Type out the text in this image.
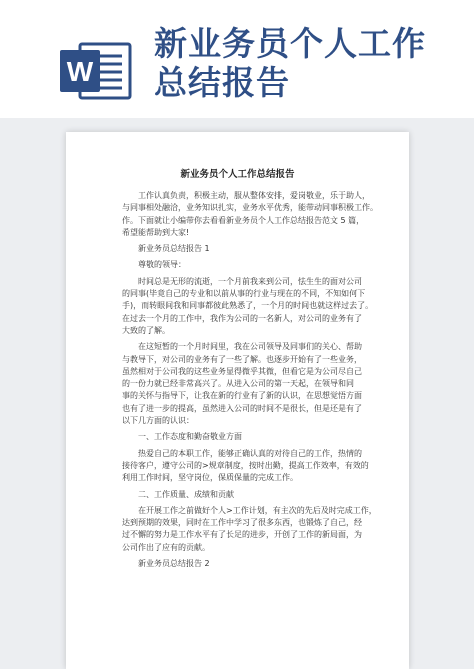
W
新业务员个人工作
总结报告
新业务员个人工作总结报告
工作认真负责，积极主动，服从整体安排，爱岗敬业，乐于助人，
与同事相处融洽，业务知识扎实，业务水平优秀，能带动同事积极工作。
作。下面就让小编带你去看看新业务员个人工作总结报告范文 5 篇，
希望能帮助到大家!
新业务员总结报告 1
尊敬的领导：
时间总是无形的流逝，一个月前我来到公司，怯生生的面对公司
的同事(毕竟自己的专业和以前从事的行业与现在的不同，不知如何下
手)，而转眼间我和同事都彼此熟悉了，一个月的时间也就这样过去了。
在过去一个月的工作中，我作为公司的一名新人，对公司的业务有了
大致的了解。
在这短暂的一个月时间里，我在公司领导及同事们的关心、帮助
与教导下，对公司的业务有了一些了解。也逐步开始有了一些业务，
虽然相对于公司我的这些业务显得微乎其微，但看它是为公司尽自己
的一份力就已经非常高兴了。从进入公司的第一天起，在领导和同
事的关怀与指导下，让我在新的行业有了新的认识，在思想觉悟方面
也有了进一步的提高，虽然进入公司的时间不是很长，但是还是有了
以下几方面的认识：
一、工作态度和勤奋敬业方面
热爱自己的本职工作，能够正确认真的对待自己的工作，热情的
接待客户，遵守公司的>规章制度，按时出勤，提高工作效率，有效的
利用工作时间，坚守岗位，保质保量的完成工作。
二、工作质量、成绩和贡献
在开展工作之前做好个人>工作计划，有主次的先后及时完成工作，
达到预期的效果，同时在工作中学习了很多东西，也锻炼了自己，经
过不懈的努力是工作水平有了长足的进步，开创了工作的新局面，为
公司作出了应有的贡献。
新业务员总结报告 2
